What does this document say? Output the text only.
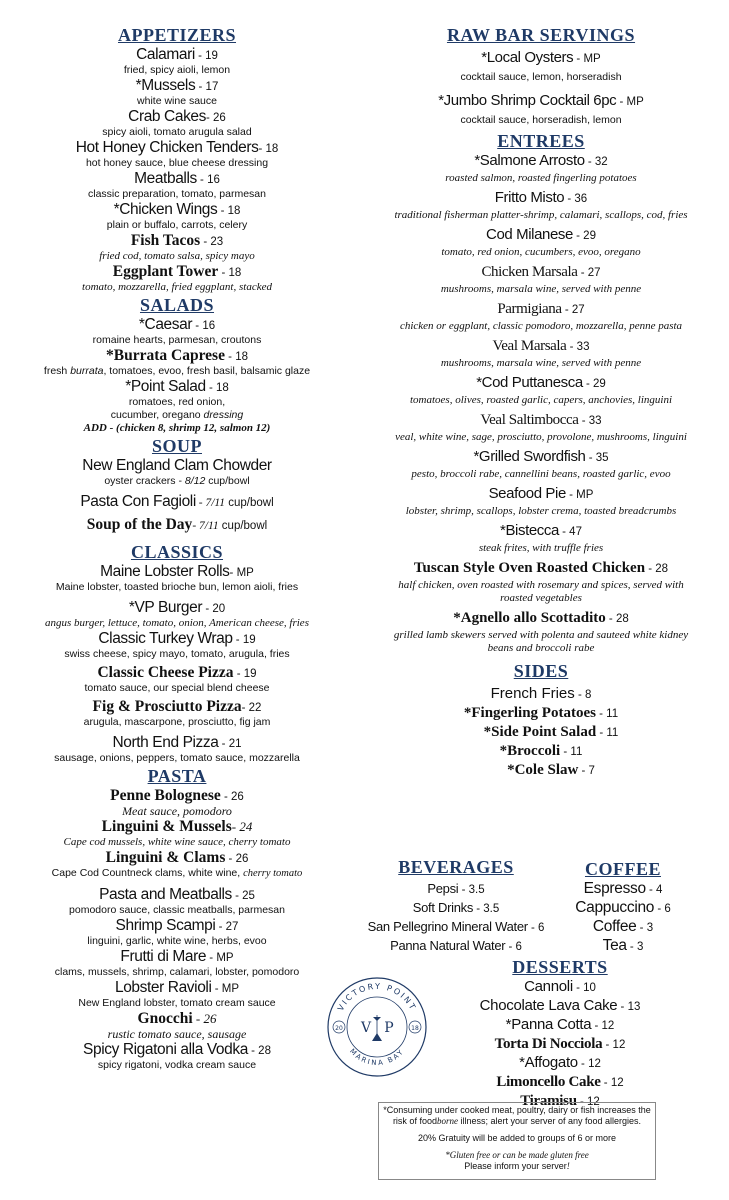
APPETIZERS
Calamari - 19
fried, spicy aioli, lemon
*Mussels - 17
white wine sauce
Crab Cakes- 26
spicy aioli, tomato arugula salad
Hot Honey Chicken Tenders- 18
hot honey sauce, blue cheese dressing
Meatballs - 16
classic preparation, tomato, parmesan
*Chicken Wings - 18
plain or buffalo, carrots, celery
Fish Tacos - 23
fried cod, tomato salsa, spicy mayo
Eggplant Tower - 18
tomato, mozzarella, fried eggplant, stacked
SALADS
*Caesar - 16
romaine hearts, parmesan, croutons
*Burrata Caprese - 18
fresh burrata, tomatoes, evoo, fresh basil, balsamic glaze
*Point Salad - 18
romatoes, red onion,
cucumber, oregano dressing
ADD - (chicken 8, shrimp 12, salmon 12)
SOUP
New England Clam Chowder
oyster crackers - 8/12 cup/bowl
Pasta Con Fagioli - 7/11 cup/bowl
Soup of the Day- 7/11 cup/bowl
CLASSICS
Maine Lobster Rolls- MP
Maine lobster, toasted brioche bun, lemon aioli, fries
*VP Burger - 20
angus burger, lettuce, tomato, onion, American cheese, fries
Classic Turkey Wrap - 19
swiss cheese, spicy mayo, tomato, arugula, fries
Classic Cheese Pizza - 19
tomato sauce, our special blend cheese
Fig & Prosciutto Pizza- 22
arugula, mascarpone, prosciutto, fig jam
North End Pizza - 21
sausage, onions, peppers, tomato sauce, mozzarella
PASTA
Penne Bolognese - 26
Meat sauce, pomodoro
Linguini & Mussels- 24
Cape cod mussels, white wine sauce, cherry tomato
Linguini & Clams - 26
Cape Cod Countneck clams, white wine, cherry tomato
Pasta and Meatballs - 25
pomodoro sauce, classic meatballs, parmesan
Shrimp Scampi - 27
linguini, garlic, white wine, herbs, evoo
Frutti di Mare - MP
clams, mussels, shrimp, calamari, lobster, pomodoro
Lobster Ravioli - MP
New England lobster, tomato cream sauce
Gnocchi - 26
rustic tomato sauce, sausage
Spicy Rigatoni alla Vodka - 28
spicy rigatoni, vodka cream sauce
RAW BAR SERVINGS
*Local Oysters - MP
cocktail sauce, lemon, horseradish
*Jumbo Shrimp Cocktail 6pc - MP
cocktail sauce, horseradish, lemon
ENTREES
*Salmone Arrosto - 32
roasted salmon, roasted fingerling potatoes
Fritto Misto - 36
traditional fisherman platter-shrimp, calamari, scallops, cod, fries
Cod Milanese - 29
tomato, red onion, cucumbers, evoo, oregano
Chicken Marsala - 27
mushrooms, marsala wine, served with penne
Parmigiana - 27
chicken or eggplant, classic pomodoro, mozzarella, penne pasta
Veal Marsala - 33
mushrooms, marsala wine, served with penne
*Cod Puttanesca - 29
tomatoes, olives, roasted garlic, capers, anchovies, linguini
Veal Saltimbocca - 33
veal, white wine, sage, prosciutto, provolone, mushrooms, linguini
*Grilled Swordfish - 35
pesto, broccoli rabe, cannellini beans, roasted garlic, evoo
Seafood Pie - MP
lobster, shrimp, scallops, lobster crema, toasted breadcrumbs
*Bistecca - 47
steak frites, with truffle fries
Tuscan Style Oven Roasted Chicken - 28
half chicken, oven roasted with rosemary and spices, served with
roasted vegetables
*Agnello allo Scottadito - 28
grilled lamb skewers served with polenta and sauteed white kidney
beans and broccoli rabe
SIDES
French Fries - 8
*Fingerling Potatoes - 11
*Side Point Salad - 11
*Broccoli - 11
*Cole Slaw - 7
BEVERAGES
Pepsi - 3.5
Soft Drinks - 3.5
San Pellegrino Mineral Water - 6
Panna Natural Water - 6
COFFEE
Espresso - 4
Cappuccino - 6
Coffee - 3
Tea - 3
DESSERTS
Cannoli - 10
Chocolate Lava Cake - 13
*Panna Cotta - 12
Torta Di Nocciola - 12
*Affogato - 12
Limoncello Cake - 12
Tiramisu - 12
VICTORY POINT
MARINA BAY
V P
20	18

*Consuming under cooked meat, poultry, dairy or fish increases the risk of foodborne illness; alert your server of any food allergies.

20% Gratuity will be added to groups of 6 or more

*Gluten free or can be made gluten free
Please inform your server!
